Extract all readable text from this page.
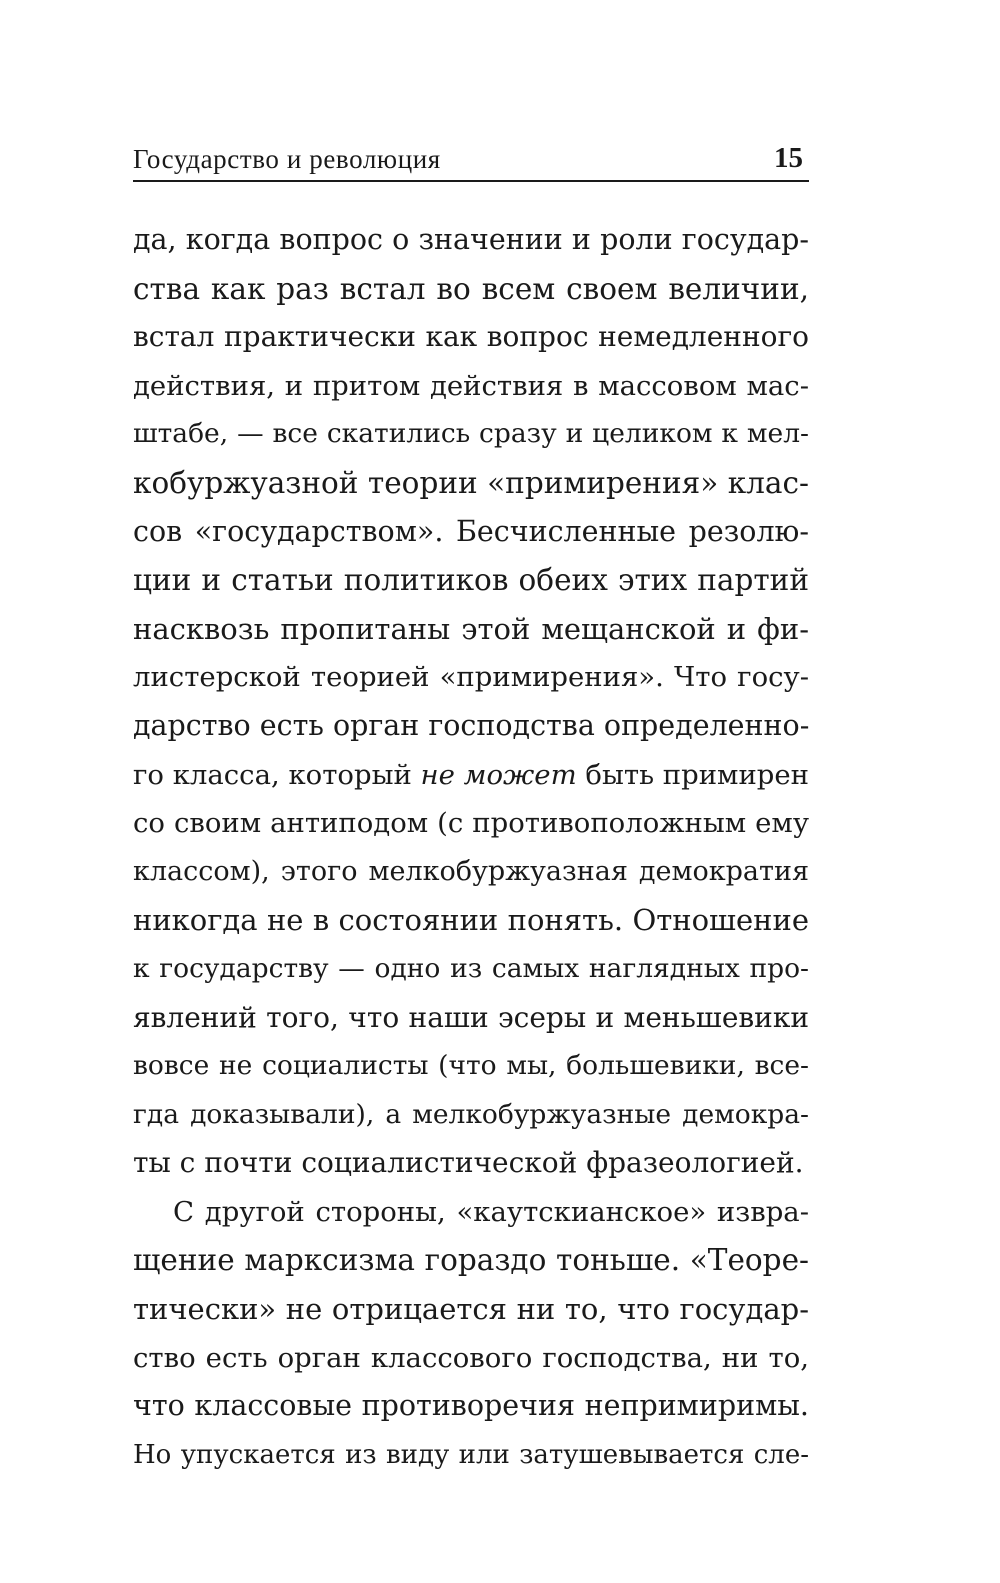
Государство и революция	15
да, когда вопрос о значении и роли государ-
ства как раз встал во всем своем величии,
встал практически как вопрос немедленного
действия, и притом действия в массовом мас-
штабе, — все скатились сразу и целиком к мел-
кобуржуазной теории «примирения» клас-
сов «государством». Бесчисленные резолю-
ции и статьи политиков обеих этих партий
насквозь пропитаны этой мещанской и фи-
листерской теорией «примирения». Что госу-
дарство есть орган господства определенно-
го класса, который не может быть примирен
со своим антиподом (с противоположным ему
классом), этого мелкобуржуазная демократия
никогда не в состоянии понять. Отношение
к государству — одно из самых наглядных про-
явлений того, что наши эсеры и меньшевики
вовсе не социалисты (что мы, большевики, все-
гда доказывали), а мелкобуржуазные демокра-
ты с почти социалистической фразеологией.
С другой стороны, «каутскианское» извра-
щение марксизма гораздо тоньше. «Теоре-
тически» не отрицается ни то, что государ-
ство есть орган классового господства, ни то,
что классовые противоречия непримиримы.
Но упускается из виду или затушевывается сле-
